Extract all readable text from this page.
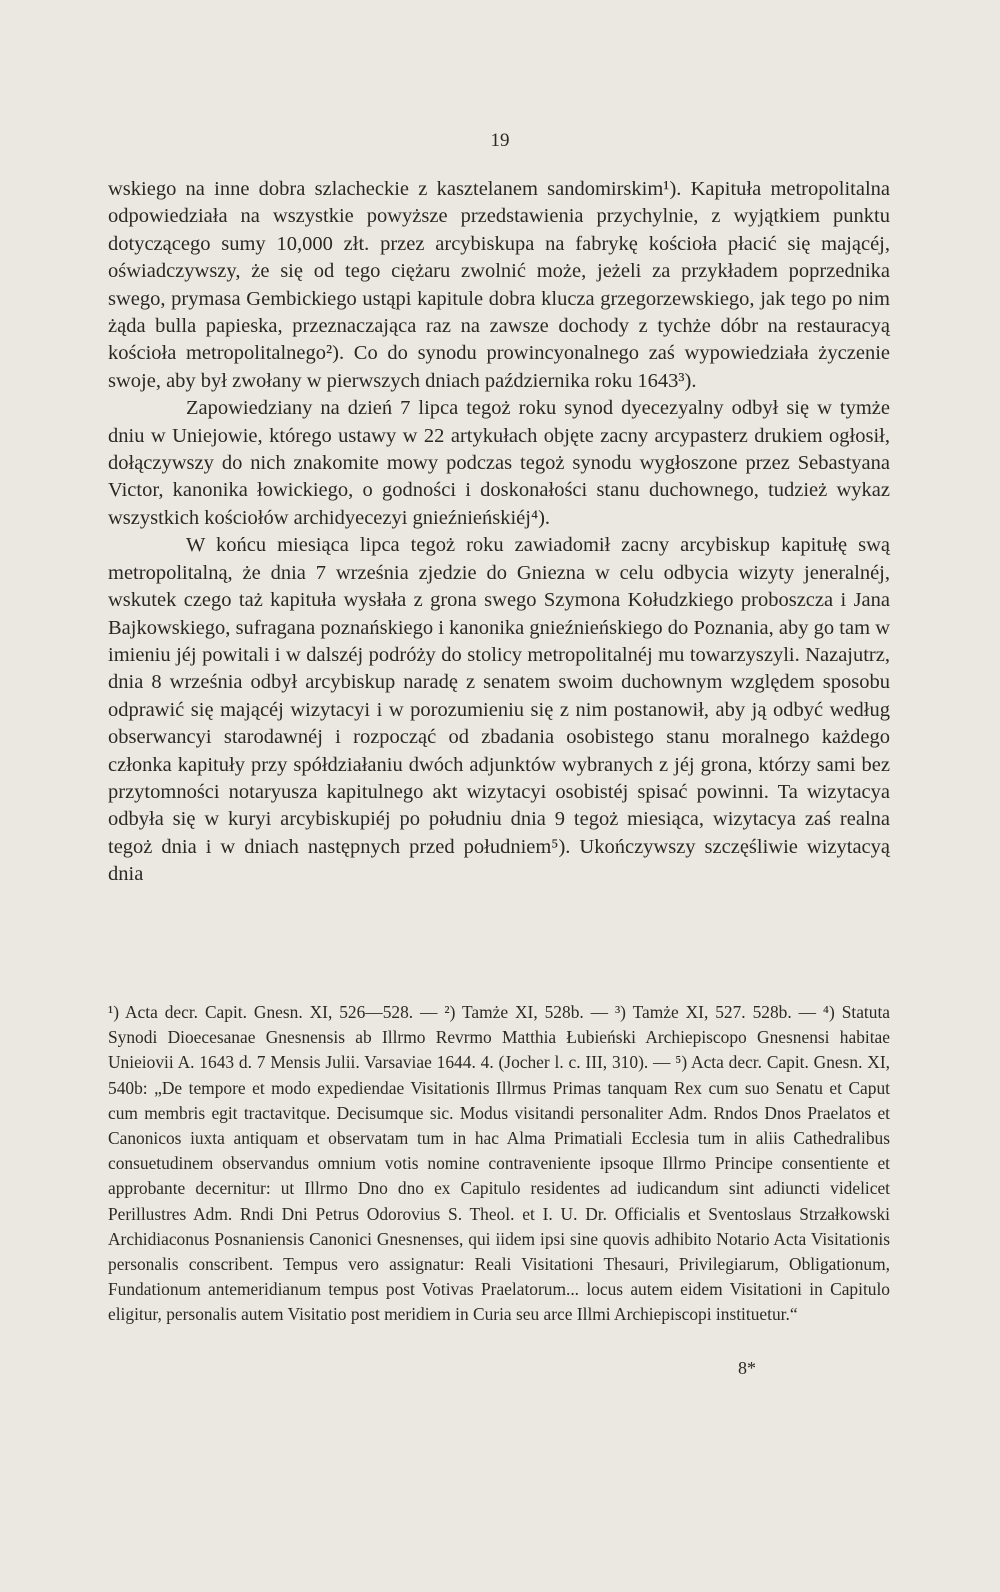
19

wskiego na inne dobra szlacheckie z kasztelanem sandomirskim¹). Kapituła metropolitalna odpowiedziała na wszystkie powyższe przedstawienia przychylnie, z wyjątkiem punktu dotyczącego sumy 10,000 złt. przez arcybiskupa na fabrykę kościoła płacić się mającéj, oświadczywszy, że się od tego ciężaru zwolnić może, jeżeli za przykładem poprzednika swego, prymasa Gembickiego ustąpi kapitule dobra klucza grzegorzewskiego, jak tego po nim żąda bulla papieska, przeznaczająca raz na zawsze dochody z tychże dóbr na restauracyą kościoła metropolitalnego²). Co do synodu prowincyonalnego zaś wypowiedziała życzenie swoje, aby był zwołany w pierwszych dniach października roku 1643³).

Zapowiedziany na dzień 7 lipca tegoż roku synod dyecezyalny odbył się w tymże dniu w Uniejowie, którego ustawy w 22 artykułach objęte zacny arcypasterz drukiem ogłosił, dołączywszy do nich znakomite mowy podczas tegoż synodu wygłoszone przez Sebastyana Victor, kanonika łowickiego, o godności i doskonałości stanu duchownego, tudzież wykaz wszystkich kościołów archidyecezyi gnieźnieńskiéj⁴).

W końcu miesiąca lipca tegoż roku zawiadomił zacny arcybiskup kapitułę swą metropolitalną, że dnia 7 września zjedzie do Gniezna w celu odbycia wizyty jeneralnéj, wskutek czego taż kapituła wysłała z grona swego Szymona Kołudzkiego proboszcza i Jana Bajkowskiego, sufragana poznańskiego i kanonika gnieźnieńskiego do Poznania, aby go tam w imieniu jéj powitali i w dalszéj podróży do stolicy metropolitalnéj mu towarzyszyli. Nazajutrz, dnia 8 września odbył arcybiskup naradę z senatem swoim duchownym względem sposobu odprawić się mającéj wizytacyi i w porozumieniu się z nim postanowił, aby ją odbyć według obserwancyi starodawnéj i rozpocząć od zbadania osobistego stanu moralnego każdego członka kapituły przy spółdziałaniu dwóch adjunktów wybranych z jéj grona, którzy sami bez przytomności notaryusza kapitulnego akt wizytacyi osobistéj spisać powinni. Ta wizytacya odbyła się w kuryi arcybiskupiéj po południu dnia 9 tegoż miesiąca, wizytacya zaś realna tegoż dnia i w dniach następnych przed południem⁵). Ukończywszy szczęśliwie wizytacyą dnia

¹) Acta decr. Capit. Gnesn. XI, 526—528. — ²) Tamże XI, 528b. — ³) Tamże XI, 527. 528b. — ⁴) Statuta Synodi Dioecesanae Gnesnensis ab Illrmo Revrmo Matthia Łubieński Archiepiscopo Gnesnensi habitae Unieiovii A. 1643 d. 7 Mensis Julii. Varsaviae 1644. 4. (Jocher l. c. III, 310). — ⁵) Acta decr. Capit. Gnesn. XI, 540b: „De tempore et modo expediendae Visitationis Illrmus Primas tanquam Rex cum suo Senatu et Caput cum membris egit tractavitque. Decisumque sic. Modus visitandi personaliter Adm. Rndos Dnos Praelatos et Canonicos iuxta antiquam et observatam tum in hac Alma Primatiali Ecclesia tum in aliis Cathedralibus consuetudinem observandus omnium votis nomine contraveniente ipsoque Illrmo Principe consentiente et approbante decernitur: ut Illrmo Dno dno ex Capitulo residentes ad iudicandum sint adiuncti videlicet Perillustres Adm. Rndi Dni Petrus Odorovius S. Theol. et I. U. Dr. Officialis et Sventoslaus Strzałkowski Archidiaconus Posnaniensis Canonici Gnesnenses, qui iidem ipsi sine quovis adhibito Notario Acta Visitationis personalis conscribent. Tempus vero assignatur: Reali Visitationi Thesauri, Privilegiarum, Obligationum, Fundationum antemeridianum tempus post Votivas Praelatorum... locus autem eidem Visitationi in Capitulo eligitur, personalis autem Visitatio post meridiem in Curia seu arce Illmi Archiepiscopi instituetur.“

8*
